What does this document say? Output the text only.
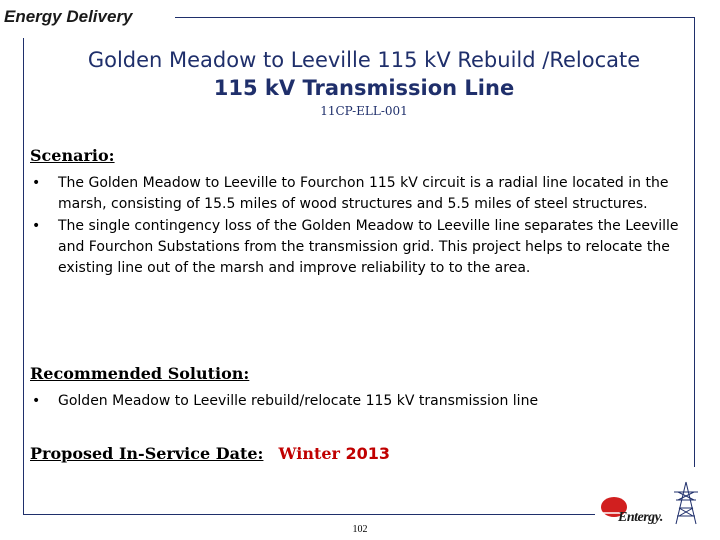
Energy Delivery
Golden Meadow to Leeville 115 kV Rebuild /Relocate
115 kV Transmission Line
11CP-ELL-001
Scenario:
• The Golden Meadow to Leeville to Fourchon 115 kV circuit is a radial line located in the marsh, consisting of 15.5 miles of wood structures and 5.5 miles of steel structures.
• The single contingency loss of the Golden Meadow to Leeville line separates the Leeville and Fourchon Substations from the transmission grid. This project helps to relocate the existing line out of the marsh and improve reliability to to the area.
Recommended Solution:
• Golden Meadow to Leeville rebuild/relocate 115 kV transmission line
Proposed In-Service Date: Winter 2013
102
Entergy.
